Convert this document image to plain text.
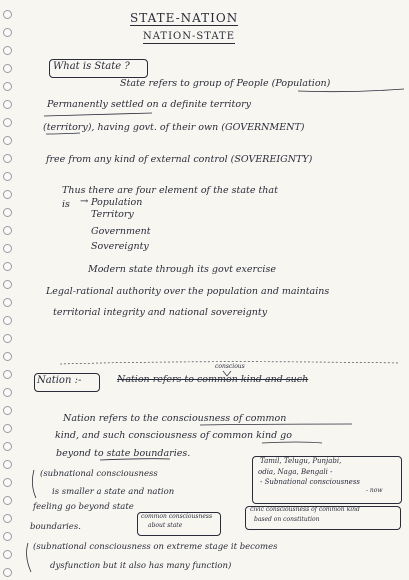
STATE-NATION
NATION-STATE
What is State ?
State refers to group of People (Population)
Permanently settled on a definite territory
(territory), having govt. of their own (GOVERNMENT)
free from any kind of external control (SOVEREIGNTY)
Thus there are four element of the state that
is → Population
Territory
Government
Sovereignty
Modern state through its govt exercise
Legal-rational authority over the population and maintains
territorial integrity and national sovereignty
Nation :-
conscious
Nation refers to common kind and such
Nation refers to the consciousness of common
kind, and such consciousness of common kind go
beyond to state boundaries.
(subnational consciousness
is smaller a state and nation
Tamil, Telugu, Punjabi,
odia, Naga, Bengali -
- Subnational consciousness
- now
feeling go beyond state
boundaries.
common consciousness
about state
civic consciousness of common kind
based on constitution
(subnational consciousness on extreme stage it becomes
dysfunction but it also has many function)
